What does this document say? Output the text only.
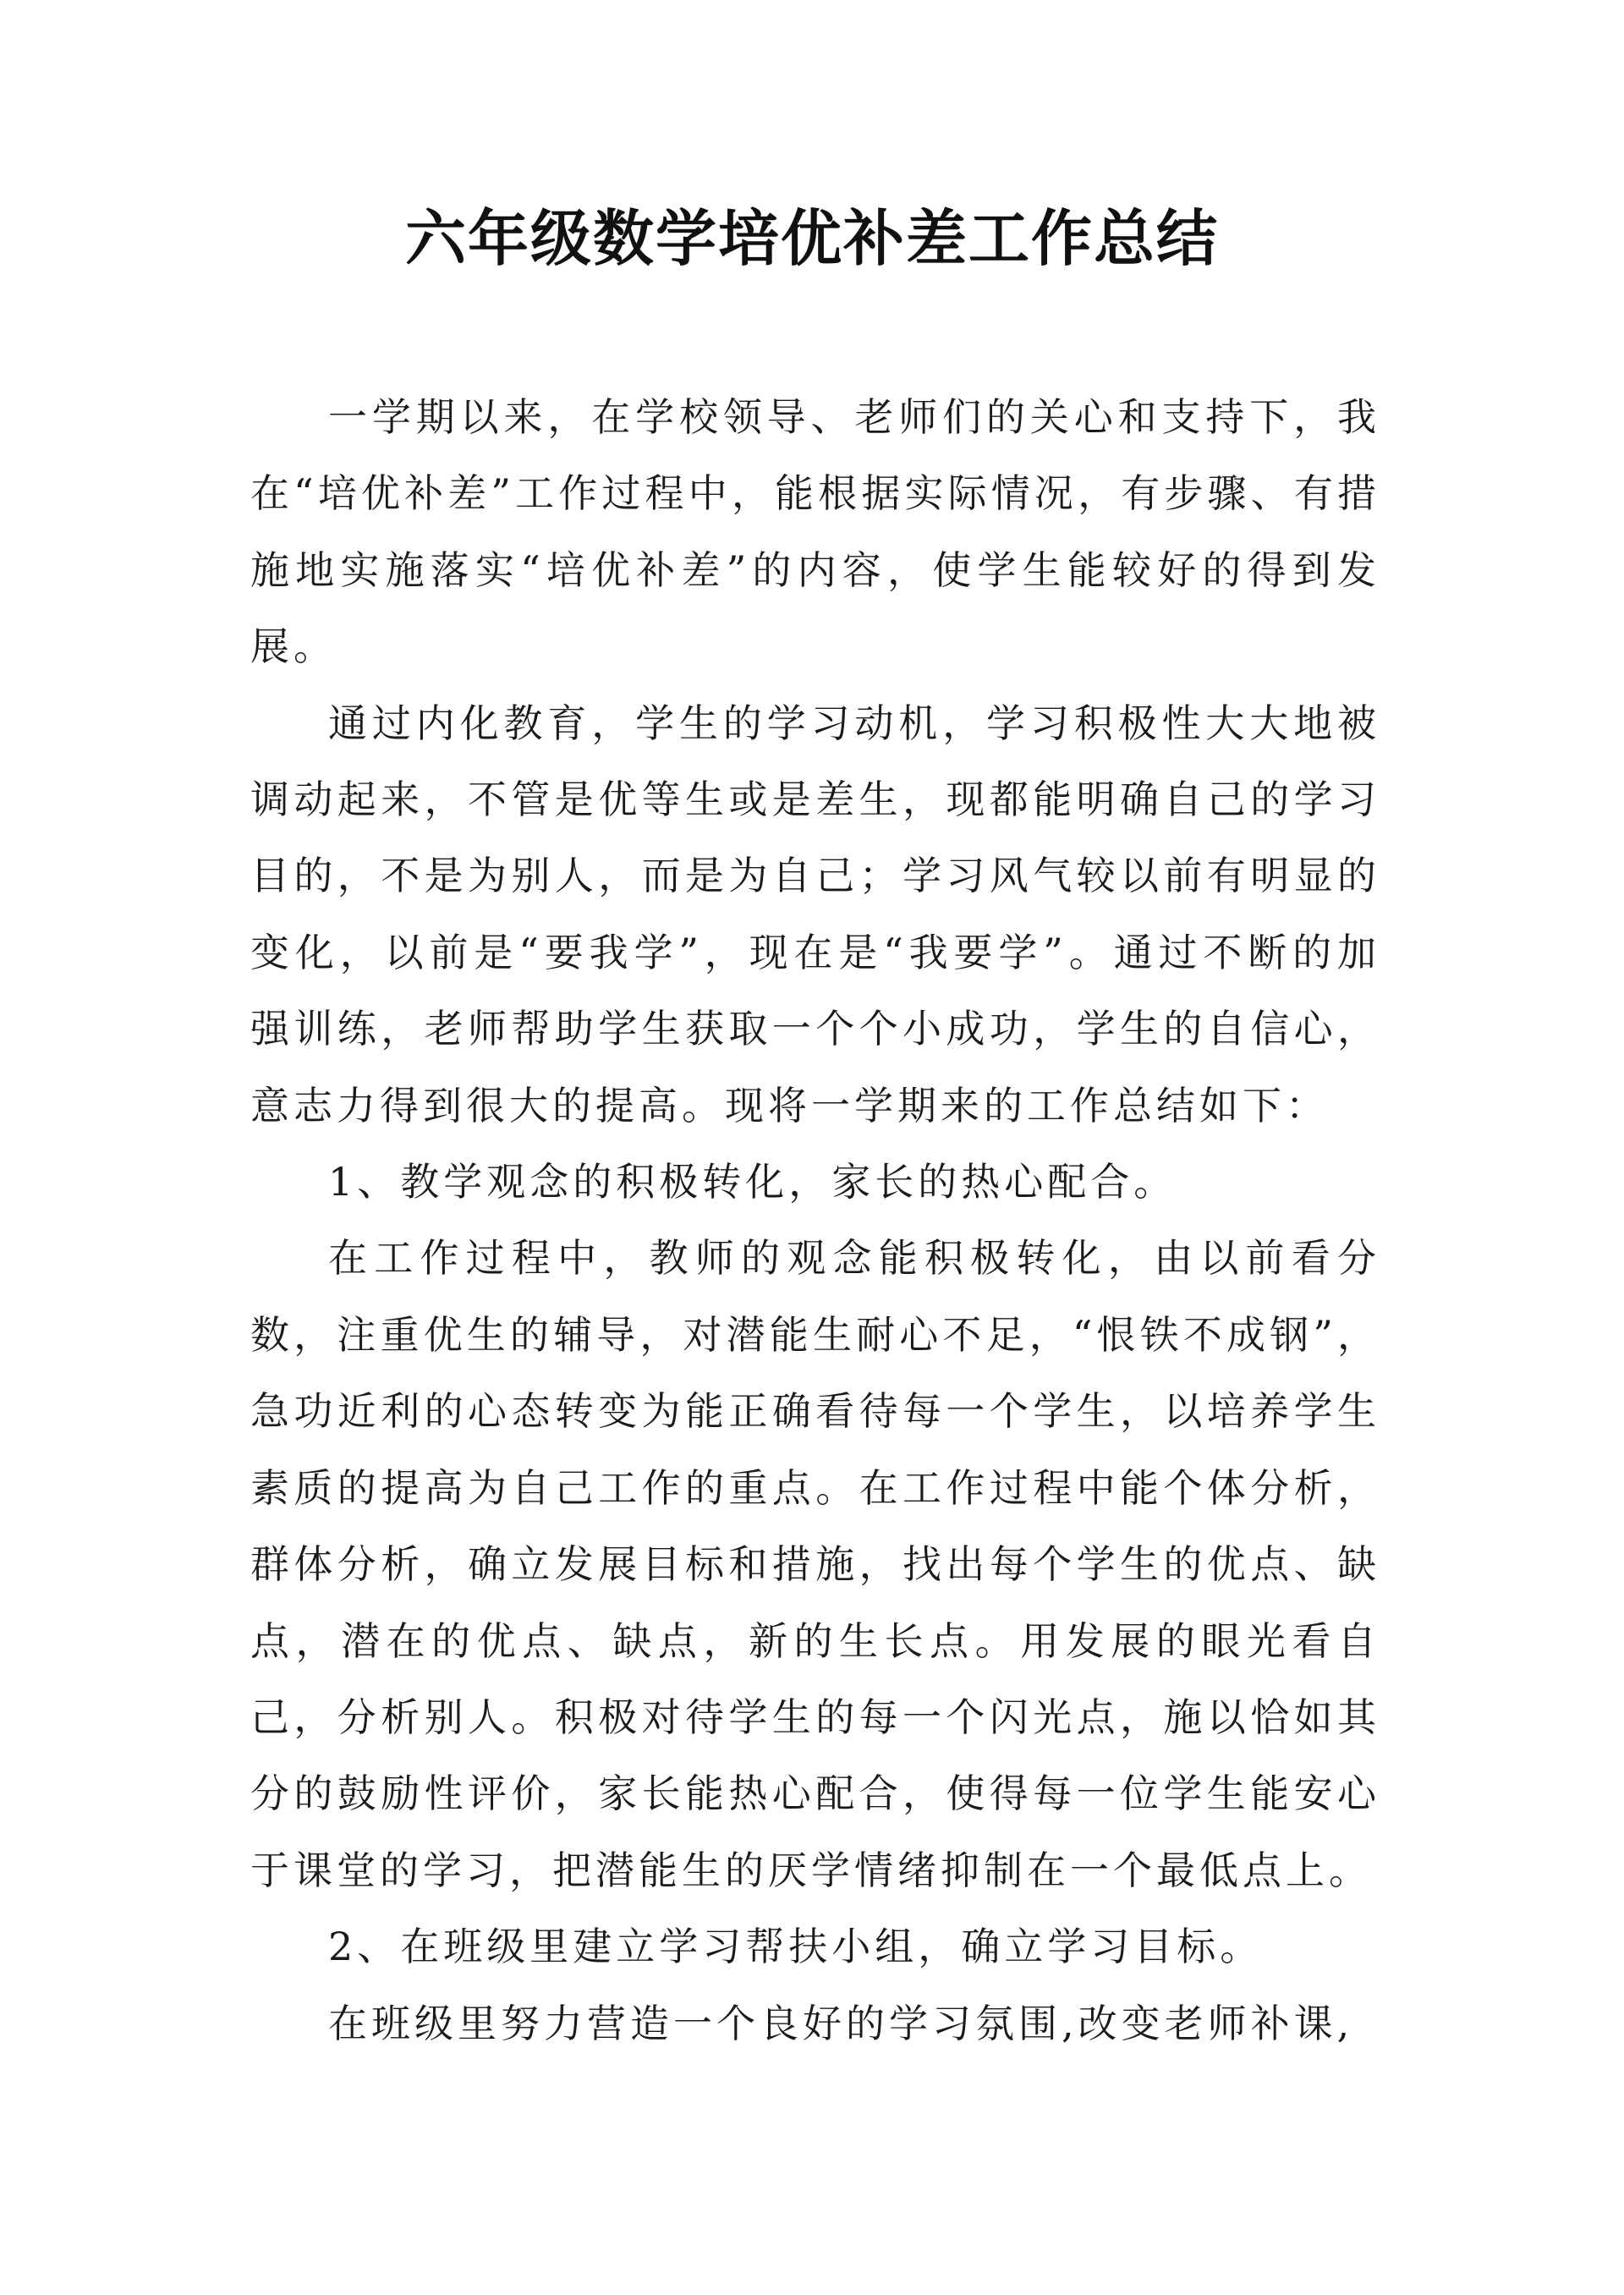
六年级数学培优补差工作总结

一学期以来，在学校领导、老师们的关心和支持下，我在“培优补差”工作过程中，能根据实际情况，有步骤、有措施地实施落实“培优补差”的内容，使学生能较好的得到发展。

通过内化教育，学生的学习动机，学习积极性大大地被调动起来，不管是优等生或是差生，现都能明确自己的学习目的，不是为别人，而是为自己；学习风气较以前有明显的变化，以前是“要我学”，现在是“我要学”。通过不断的加强训练，老师帮助学生获取一个个小成功，学生的自信心，意志力得到很大的提高。现将一学期来的工作总结如下：

1、教学观念的积极转化，家长的热心配合。

在工作过程中，教师的观念能积极转化，由以前看分数，注重优生的辅导，对潜能生耐心不足，“恨铁不成钢”，急功近利的心态转变为能正确看待每一个学生，以培养学生素质的提高为自己工作的重点。在工作过程中能个体分析，群体分析，确立发展目标和措施，找出每个学生的优点、缺点，潜在的优点、缺点，新的生长点。用发展的眼光看自己，分析别人。积极对待学生的每一个闪光点，施以恰如其分的鼓励性评价，家长能热心配合，使得每一位学生能安心于课堂的学习，把潜能生的厌学情绪抑制在一个最低点上。

2、在班级里建立学习帮扶小组，确立学习目标。

在班级里努力营造一个良好的学习氛围,改变老师补课,
